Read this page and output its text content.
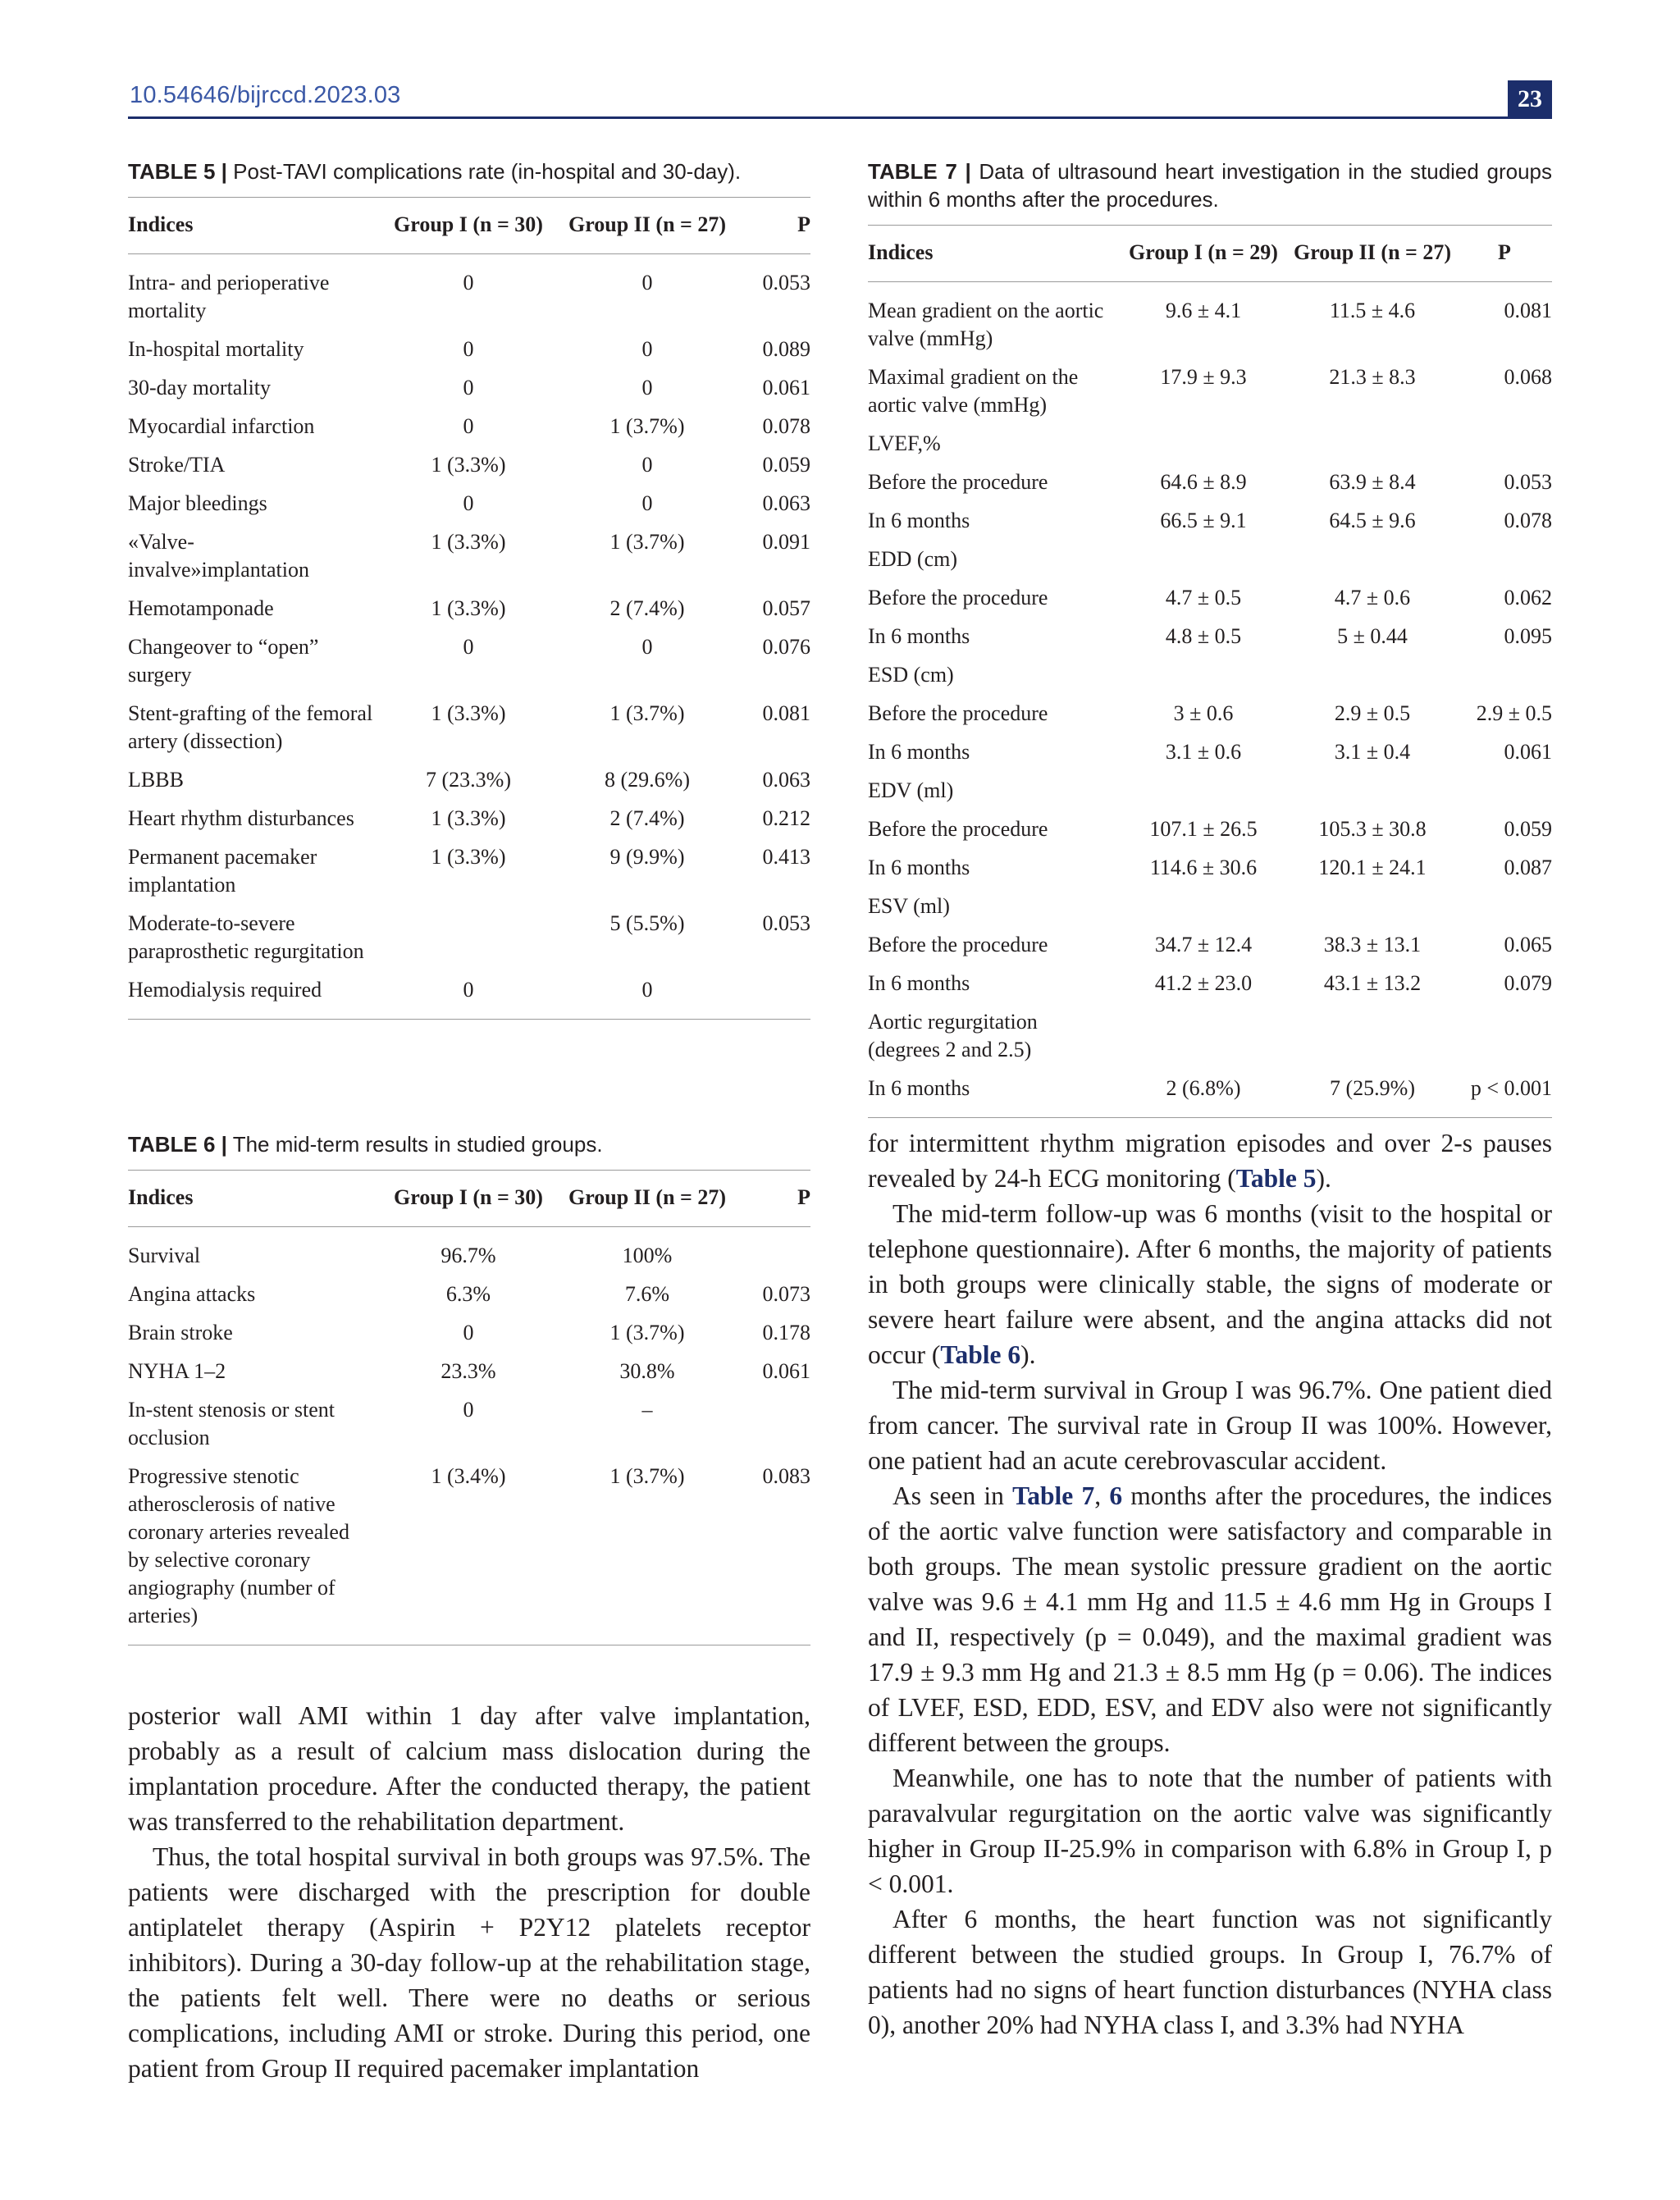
10.54646/bijrccd.2023.03	23
TABLE 5 | Post-TAVI complications rate (in-hospital and 30-day).
Indices	Group I (n = 30)	Group II (n = 27)	P
Intra- and perioperative mortality	0	0	0.053
In-hospital mortality	0	0	0.089
30-day mortality	0	0	0.061
Myocardial infarction	0	1 (3.7%)	0.078
Stroke/TIA	1 (3.3%)	0	0.059
Major bleedings	0	0	0.063
«Valve-invalve»implantation	1 (3.3%)	1 (3.7%)	0.091
Hemotamponade	1 (3.3%)	2 (7.4%)	0.057
Changeover to “open” surgery	0	0	0.076
Stent-grafting of the femoral artery (dissection)	1 (3.3%)	1 (3.7%)	0.081
LBBB	7 (23.3%)	8 (29.6%)	0.063
Heart rhythm disturbances	1 (3.3%)	2 (7.4%)	0.212
Permanent pacemaker implantation	1 (3.3%)	9 (9.9%)	0.413
Moderate-to-severe paraprosthetic regurgitation		5 (5.5%)	0.053
Hemodialysis required	0	0	
TABLE 7 | Data of ultrasound heart investigation in the studied groups within 6 months after the procedures.
Indices	Group I (n = 29)	Group II (n = 27)	P
Mean gradient on the aortic valve (mmHg)	9.6 ± 4.1	11.5 ± 4.6	0.081
Maximal gradient on the aortic valve (mmHg)	17.9 ± 9.3	21.3 ± 8.3	0.068
LVEF,%			
Before the procedure	64.6 ± 8.9	63.9 ± 8.4	0.053
In 6 months	66.5 ± 9.1	64.5 ± 9.6	0.078
EDD (cm)			
Before the procedure	4.7 ± 0.5	4.7 ± 0.6	0.062
In 6 months	4.8 ± 0.5	5 ± 0.44	0.095
ESD (cm)			
Before the procedure	3 ± 0.6	2.9 ± 0.5	2.9 ± 0.5
In 6 months	3.1 ± 0.6	3.1 ± 0.4	0.061
EDV (ml)			
Before the procedure	107.1 ± 26.5	105.3 ± 30.8	0.059
In 6 months	114.6 ± 30.6	120.1 ± 24.1	0.087
ESV (ml)			
Before the procedure	34.7 ± 12.4	38.3 ± 13.1	0.065
In 6 months	41.2 ± 23.0	43.1 ± 13.2	0.079
Aortic regurgitation (degrees 2 and 2.5)			
In 6 months	2 (6.8%)	7 (25.9%)	p < 0.001
TABLE 6 | The mid-term results in studied groups.
Indices	Group I (n = 30)	Group II (n = 27)	P
Survival	96.7%	100%	
Angina attacks	6.3%	7.6%	0.073
Brain stroke	0	1 (3.7%)	0.178
NYHA 1–2	23.3%	30.8%	0.061
In-stent stenosis or stent occlusion	0	–	
Progressive stenotic atherosclerosis of native coronary arteries revealed by selective coronary angiography (number of arteries)	1 (3.4%)	1 (3.7%)	0.083

posterior wall AMI within 1 day after valve implantation, probably as a result of calcium mass dislocation during the implantation procedure. After the conducted therapy, the patient was transferred to the rehabilitation department.

Thus, the total hospital survival in both groups was 97.5%. The patients were discharged with the prescription for double antiplatelet therapy (Aspirin + P2Y12 platelets receptor inhibitors). During a 30-day follow-up at the rehabilitation stage, the patients felt well. There were no deaths or serious complications, including AMI or stroke. During this period, one patient from Group II required pacemaker implantation

for intermittent rhythm migration episodes and over 2-s pauses revealed by 24-h ECG monitoring (Table 5).

The mid-term follow-up was 6 months (visit to the hospital or telephone questionnaire). After 6 months, the majority of patients in both groups were clinically stable, the signs of moderate or severe heart failure were absent, and the angina attacks did not occur (Table 6).

The mid-term survival in Group I was 96.7%. One patient died from cancer. The survival rate in Group II was 100%. However, one patient had an acute cerebrovascular accident.

As seen in Table 7, 6 months after the procedures, the indices of the aortic valve function were satisfactory and comparable in both groups. The mean systolic pressure gradient on the aortic valve was 9.6 ± 4.1 mm Hg and 11.5 ± 4.6 mm Hg in Groups I and II, respectively (p = 0.049), and the maximal gradient was 17.9 ± 9.3 mm Hg and 21.3 ± 8.5 mm Hg (p = 0.06). The indices of LVEF, ESD, EDD, ESV, and EDV also were not significantly different between the groups.

Meanwhile, one has to note that the number of patients with paravalvular regurgitation on the aortic valve was significantly higher in Group II-25.9% in comparison with 6.8% in Group I, p < 0.001.

After 6 months, the heart function was not significantly different between the studied groups. In Group I, 76.7% of patients had no signs of heart function disturbances (NYHA class 0), another 20% had NYHA class I, and 3.3% had NYHA
